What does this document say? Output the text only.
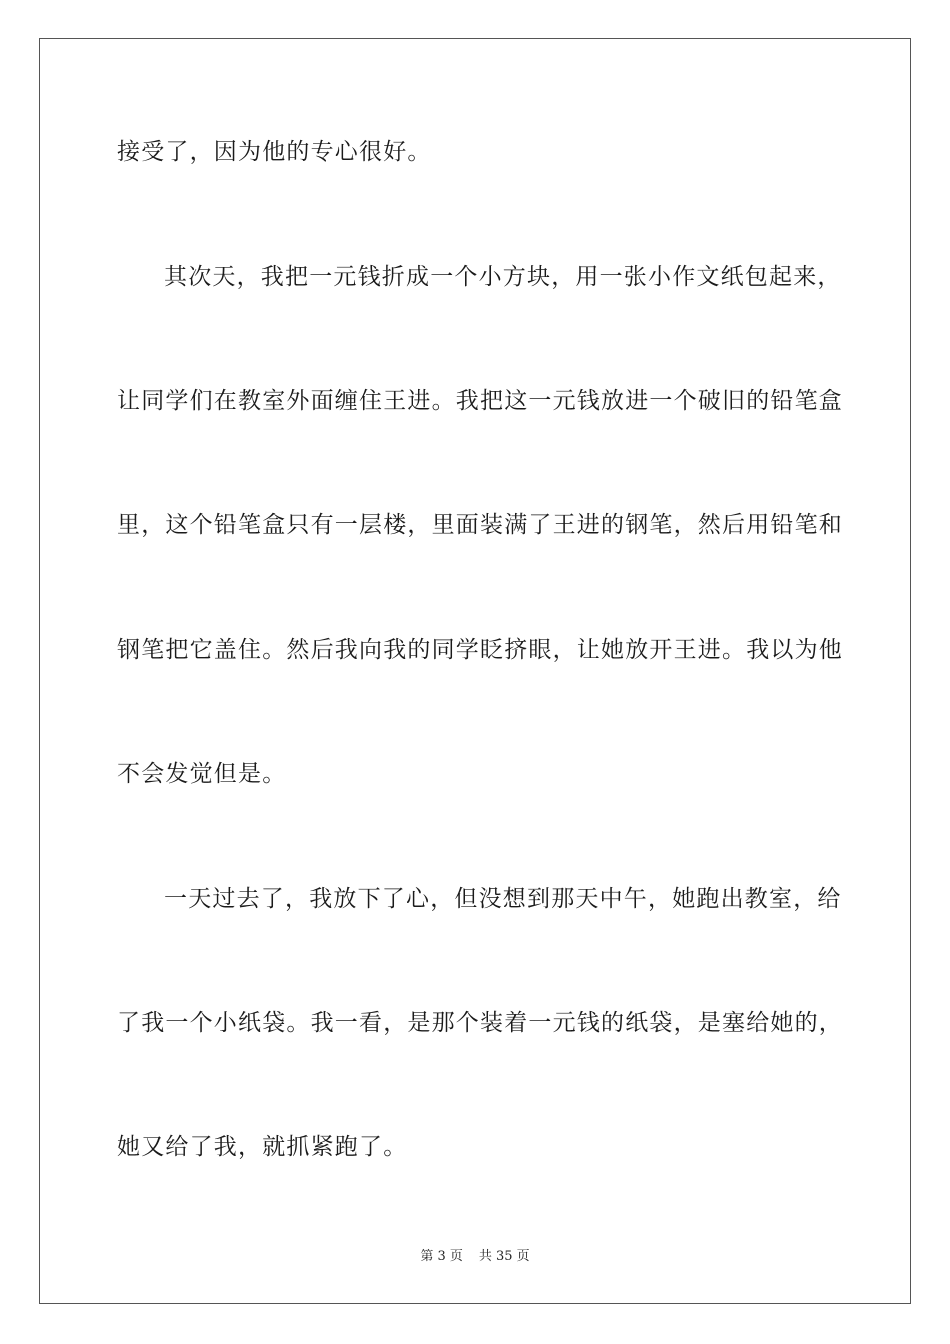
接受了，因为他的专心很好。
其次天，我把一元钱折成一个小方块，用一张小作文纸包起来，
让同学们在教室外面缠住王进。我把这一元钱放进一个破旧的铅笔盒
里，这个铅笔盒只有一层楼，里面装满了王进的钢笔，然后用铅笔和
钢笔把它盖住。然后我向我的同学眨挤眼，让她放开王进。我以为他
不会发觉但是。
一天过去了，我放下了心，但没想到那天中午，她跑出教室，给
了我一个小纸袋。我一看，是那个装着一元钱的纸袋，是塞给她的，
她又给了我，就抓紧跑了。
第 3 页 共 35 页
